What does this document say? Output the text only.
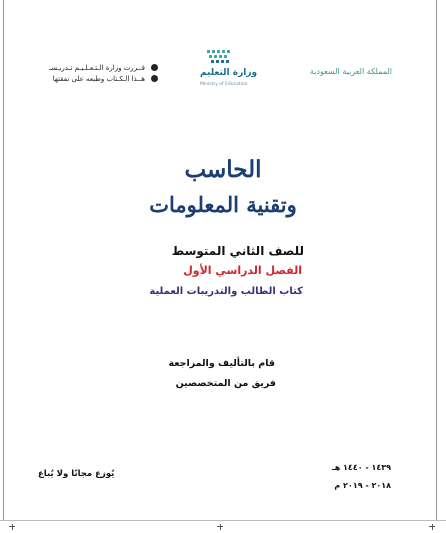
المملكة العربية السعودية
وزارة التعليم
Ministry of Education
قــررت وزارة الـتـعـلـيـم تـدريـسـ
هــذا الـكـتاب وطبعه على نفقتها
الحاسب
وتقنية المعلومات
للصف الثاني المتوسط
الفصل الدراسي الأول
كتاب الطالب والتدريبات العملية
قام بالتأليف والمراجعة
فريق من المتخصصين
١٤٣٩ - ١٤٤٠ هـ
٢٠١٨ - ٢٠١٩ م
يُوزع مجانًا ولا يُباع
